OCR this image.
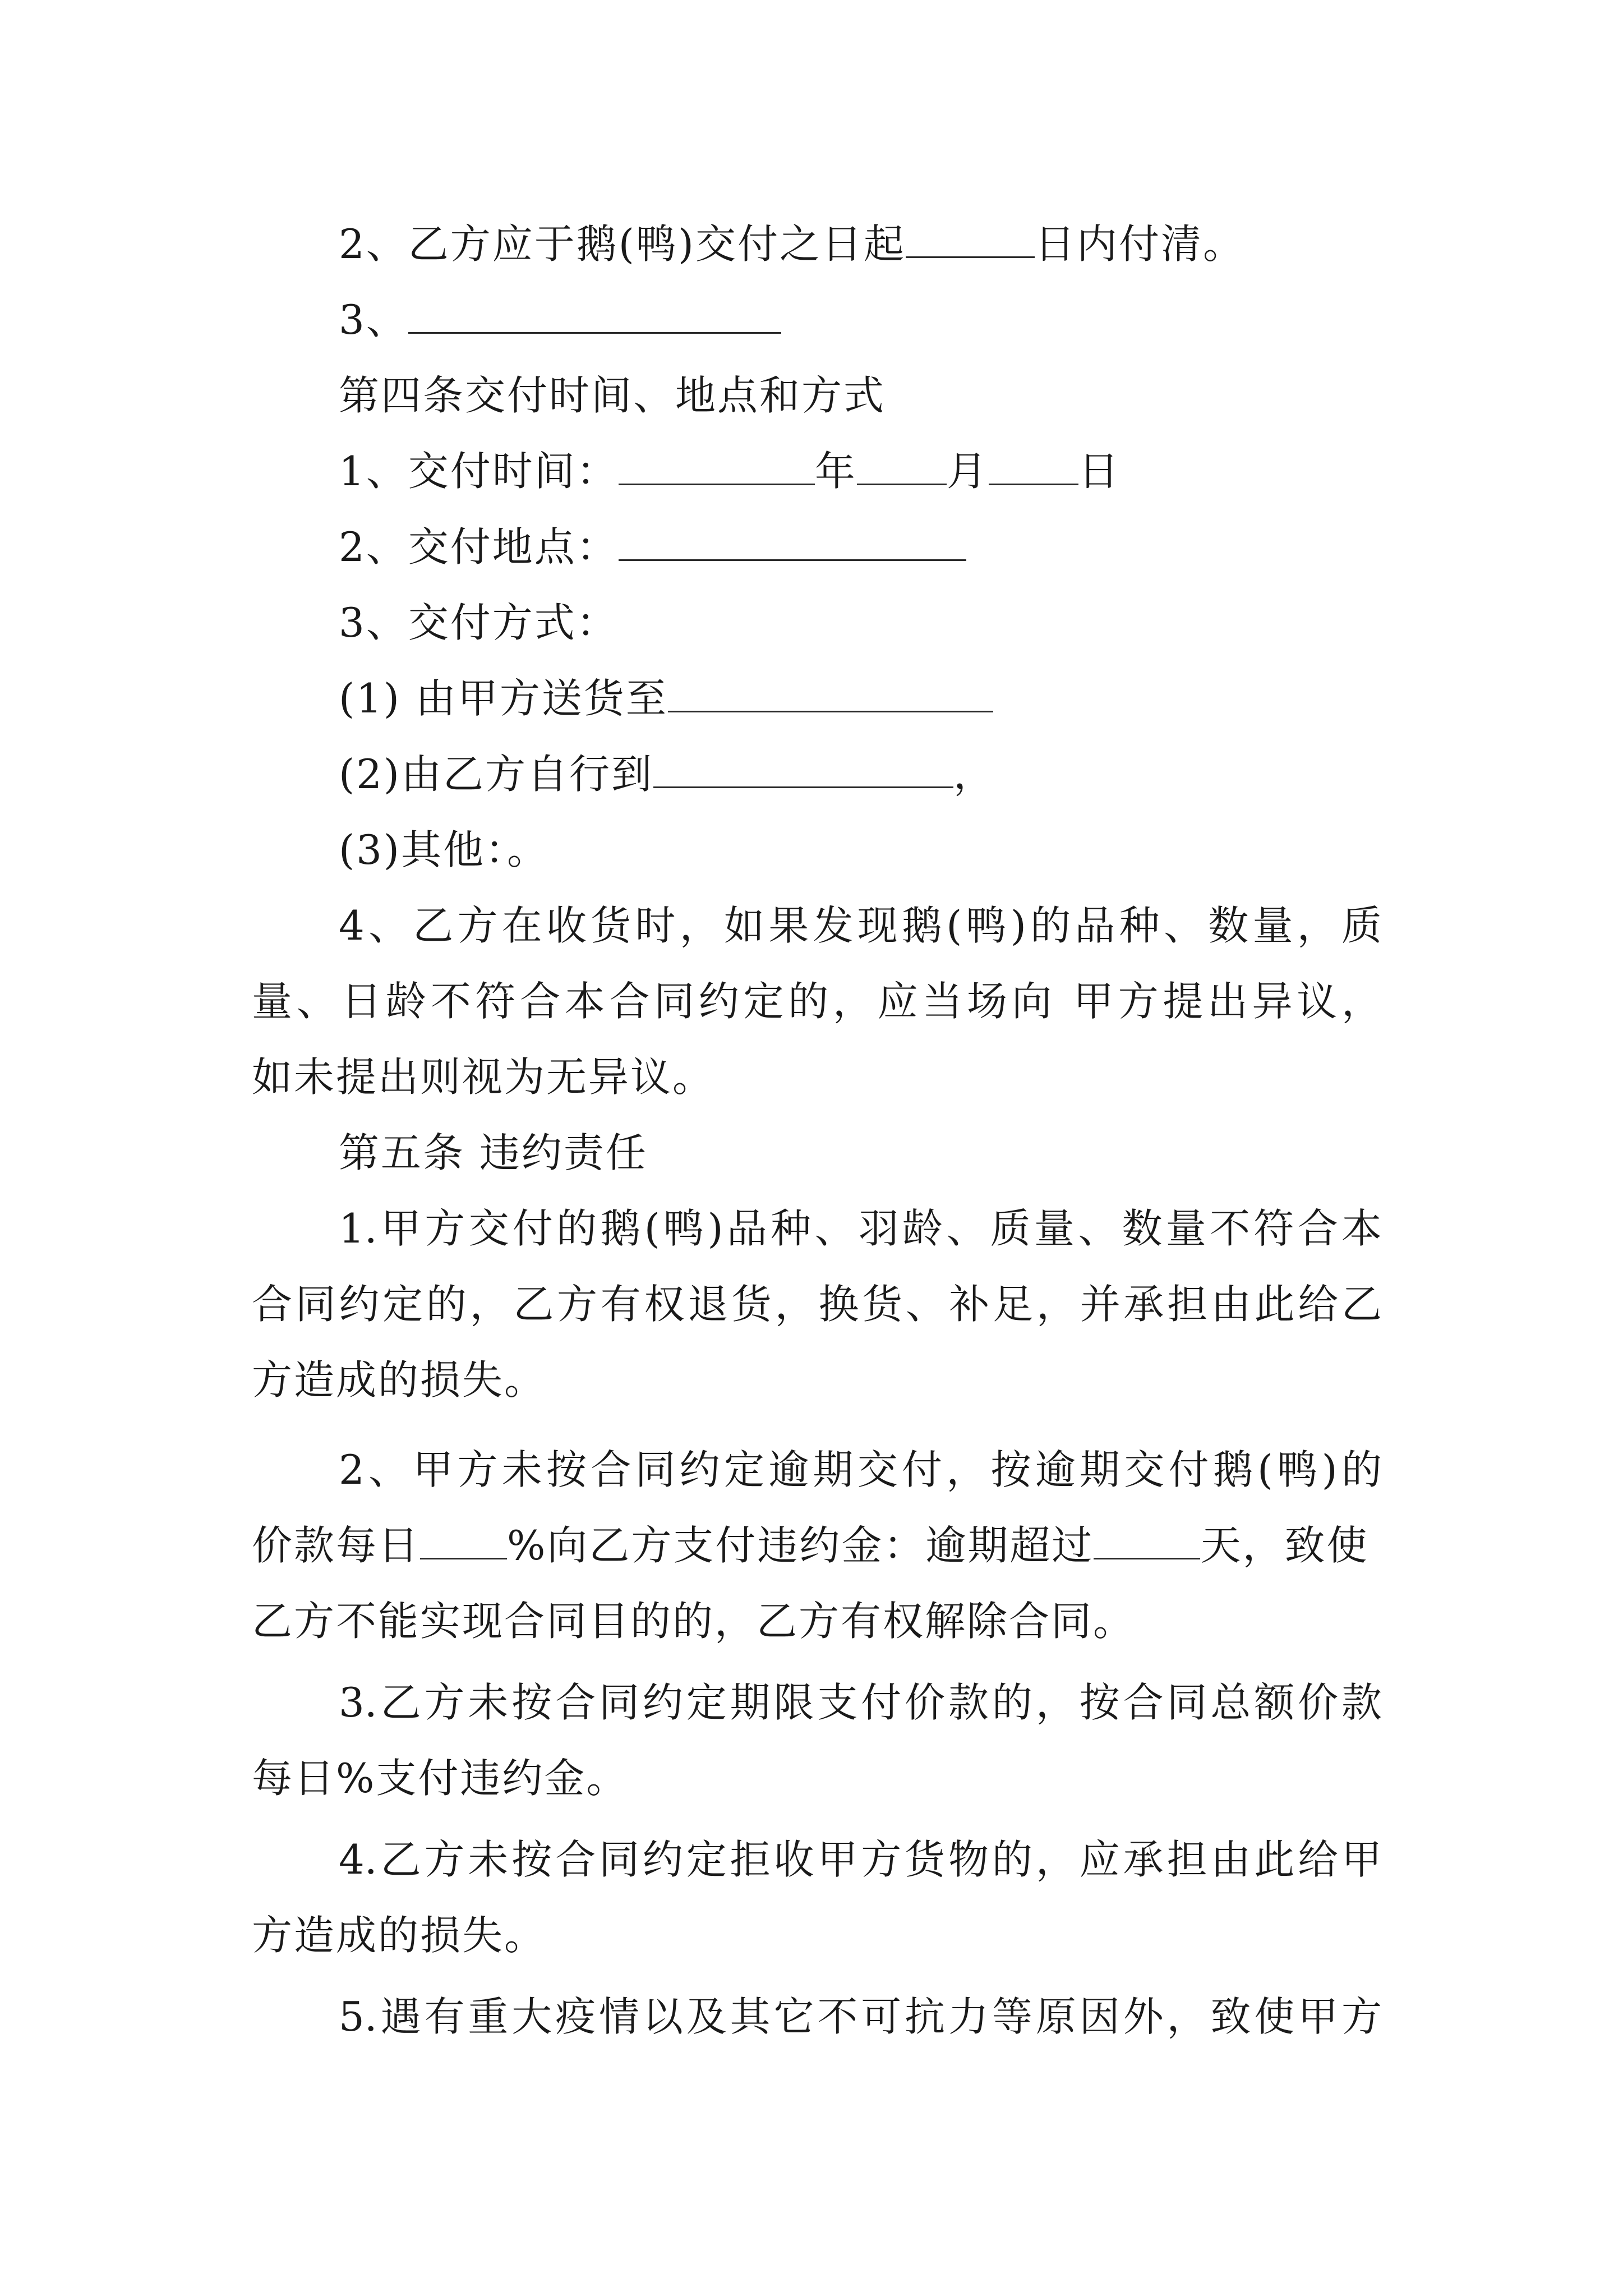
2、乙方应于鹅(鸭)交付之日起	日内付清。
3、
第四条交付时间、地点和方式
1、交付时间：	年 月 日
2、交付地点：
3、交付方式：
(1) 由甲方送货至
(2)由乙方自行到	，
(3)其他：。
4、乙方在收货时，如果发现鹅(鸭)的品种、数量，质
量、日龄不符合本合同约定的，应当场向 甲方提出异议，
如未提出则视为无异议。
第五条 违约责任
1.甲方交付的鹅(鸭)品种、羽龄、质量、数量不符合本
合同约定的，乙方有权退货，换货、补足，并承担由此给乙
方造成的损失。
2、甲方未按合同约定逾期交付，按逾期交付鹅(鸭)的
价款每日 %向乙方支付违约金：逾期超过	天，致使
乙方不能实现合同目的的，乙方有权解除合同。
3.乙方未按合同约定期限支付价款的，按合同总额价款
每日%支付违约金。
4.乙方未按合同约定拒收甲方货物的，应承担由此给甲
方造成的损失。
5.遇有重大疫情以及其它不可抗力等原因外，致使甲方
